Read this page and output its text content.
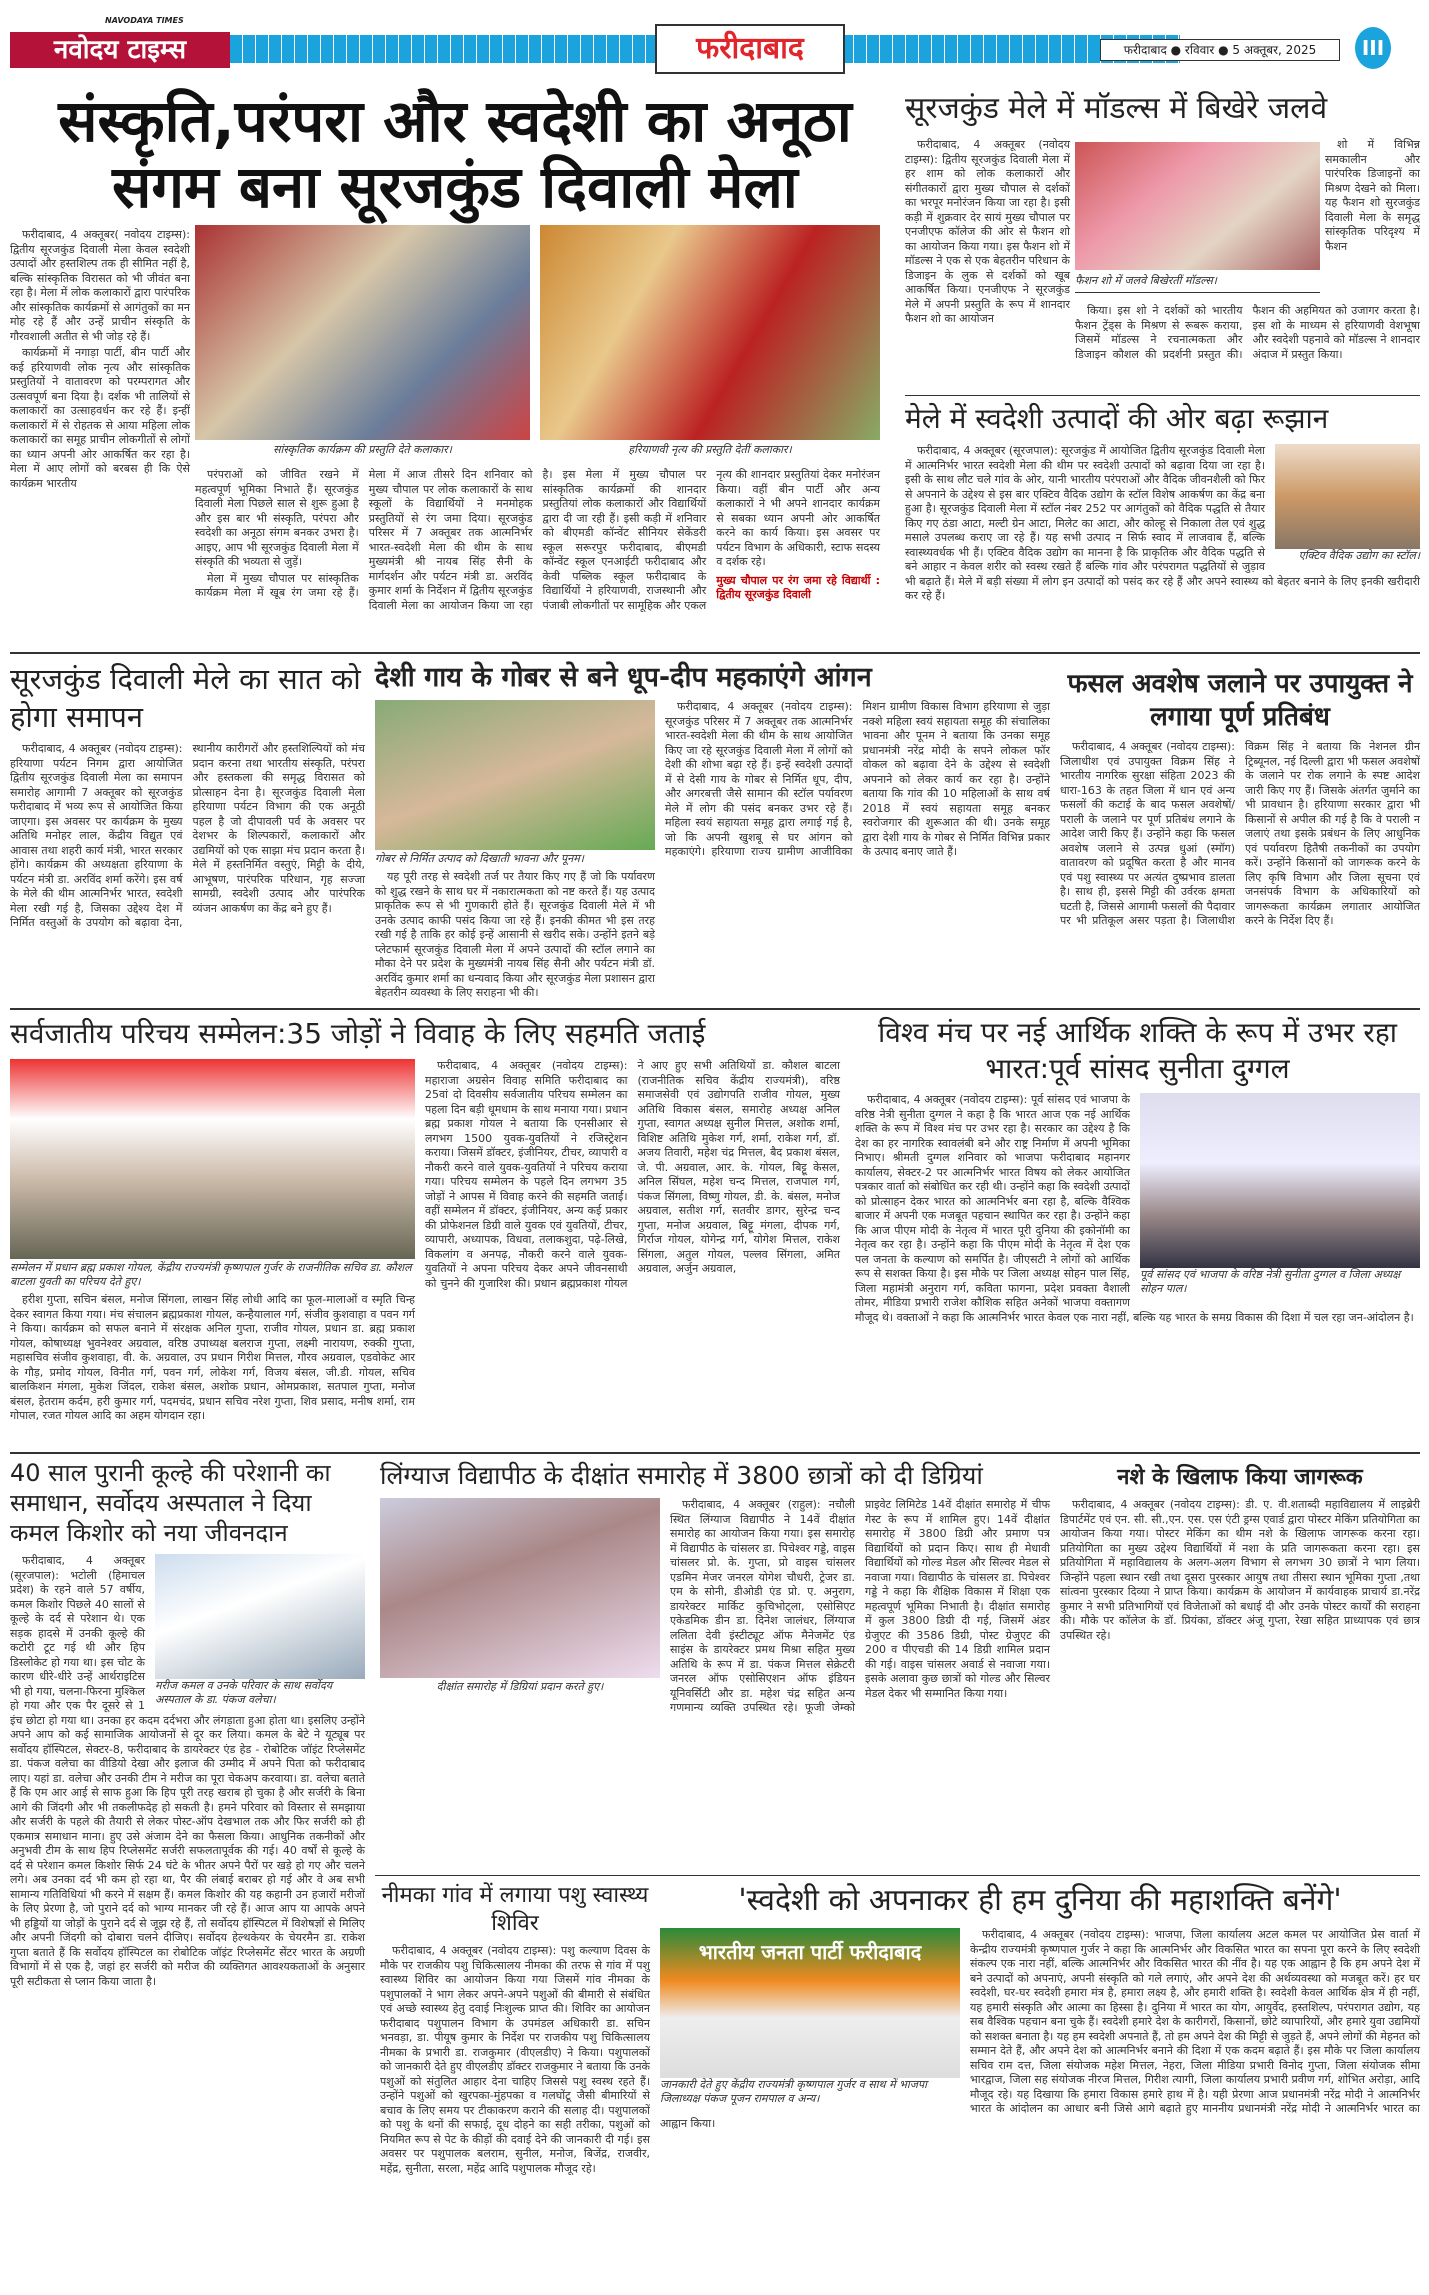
NAVODAYA TIMES
नवोदय टाइम्स	फरीदाबाद	फरीदाबाद ● रविवार ● 5 अक्तूबर, 2025	III
संस्कृति,परंपरा और स्वदेशी का अनूठा संगम बना सूरजकुंड दिवाली मेला

फरीदाबाद, 4 अक्तूबर( नवोदय टाइम्स): द्वितीय सूरजकुंड दिवाली मेला केवल स्वदेशी उत्पादों और हस्तशिल्प तक ही सीमित नहीं है, बल्कि सांस्कृतिक विरासत को भी जीवंत बना रहा है। मेला में लोक कलाकारों द्वारा पारंपरिक और सांस्कृतिक कार्यक्रमों से आगंतुकों का मन मोह रहे हैं और उन्हें प्राचीन संस्कृति के गौरवशाली अतीत से भी जोड़ रहे हैं।

कार्यक्रमों में नगाड़ा पार्टी, बीन पार्टी और कई हरियाणवी लोक नृत्य और सांस्कृतिक प्रस्तुतियों ने वातावरण को परम्परागत और उत्सवपूर्ण बना दिया है। दर्शक भी तालियों से कलाकारों का उत्साहवर्धन कर रहे हैं। इन्हीं कलाकारों में से रोहतक से आया महिला लोक कलाकारों का समूह प्राचीन लोकगीतों से लोगों का ध्यान अपनी ओर आकर्षित कर रहा है। मेला में आए लोगों को बरबस ही कि ऐसे कार्यक्रम भारतीय

सांस्कृतिक कार्यक्रम की प्रस्तुति देते कलाकार।	हरियाणवी नृत्य की प्रस्तुति देतीं कलाकार।

परंपराओं को जीवित रखने में महत्वपूर्ण भूमिका निभाते हैं। सूरजकुंड दिवाली मेला पिछले साल से शुरू हुआ है और इस बार भी संस्कृति, परंपरा और स्वदेशी का अनूठा संगम बनकर उभरा है। आइए, आप भी सूरजकुंड दिवाली मेला में संस्कृति की भव्यता से जुड़ें।

मेला में मुख्य चौपाल पर सांस्कृतिक कार्यक्रम मेला में खूब रंग जमा रहे हैं। मेला में आज तीसरे दिन शनिवार को मुख्य चौपाल पर लोक कलाकारों के साथ स्कूलों के विद्यार्थियों ने मनमोहक प्रस्तुतियों से रंग जमा दिया। सूरजकुंड परिसर में 7 अक्तूबर तक आत्मनिर्भर भारत-स्वदेशी मेला की थीम के साथ मुख्यमंत्री श्री नायब सिंह सैनी के मार्गदर्शन और पर्यटन मंत्री डा. अरविंद कुमार शर्मा के निर्देशन में द्वितीय सूरजकुंड दिवाली मेला का आयोजन किया जा रहा है। इस मेला में मुख्य चौपाल पर सांस्कृतिक कार्यक्रमों की शानदार प्रस्तुतियां लोक कलाकारों और विद्यार्थियों द्वारा दी जा रही हैं। इसी कड़ी में शनिवार को बीएमडी कॉन्वेंट सीनियर सेकेंडरी स्कूल सरूरपुर फरीदाबाद, बीएमडी कॉन्वेंट स्कूल एनआईटी फरीदाबाद और केवी पब्लिक स्कूल फरीदाबाद के विद्यार्थियों ने हरियाणवी, राजस्थानी और पंजाबी लोकगीतों पर सामूहिक और एकल नृत्य की शानदार प्रस्तुतियां देकर मनोरंजन किया। वहीं बीन पार्टी और अन्य कलाकारों ने भी अपने शानदार कार्यक्रम से सबका ध्यान अपनी ओर आकर्षित करने का कार्य किया। इस अवसर पर पर्यटन विभाग के अधिकारी, स्टाफ सदस्य व दर्शक रहे।

मुख्य चौपाल पर रंग जमा रहे विद्यार्थी : द्वितीय सूरजकुंड दिवाली
सूरजकुंड मेले में मॉडल्स में बिखेरे जलवे

फरीदाबाद, 4 अक्तूबर (नवोदय टाइम्स): द्वितीय सूरजकुंड दिवाली मेला में हर शाम को लोक कलाकारों और संगीतकारों द्वारा मुख्य चौपाल से दर्शकों का भरपूर मनोरंजन किया जा रहा है। इसी कड़ी में शुक्रवार देर सायं मुख्य चौपाल पर एनजीएफ कॉलेज की ओर से फैशन शो का आयोजन किया गया। इस फैशन शो में मॉडल्स ने एक से एक बेहतरीन परिधान के डिजाइन के लुक से दर्शकों को खूब आकर्षित किया। एनजीएफ ने सूरजकुंड मेले में अपनी प्रस्तुति के रूप में शानदार फैशन शो का आयोजन

फैशन शो में जलवे बिखेरतीं मॉडल्स।

शो में विभिन्न समकालीन और पारंपरिक डिजाइनों का मिश्रण देखने को मिला। यह फैशन शो सुरजकुंड दिवाली मेला के समृद्ध सांस्कृतिक परिदृश्य में फैशन

किया। इस शो ने दर्शकों को भारतीय फैशन ट्रेंड्स के मिश्रण से रूबरू कराया, जिसमें मॉडल्स ने रचनात्मकता और डिजाइन कौशल की प्रदर्शनी प्रस्तुत की। फैशन की अहमियत को उजागर करता है। इस शो के माध्यम से हरियाणवी वेशभूषा और स्वदेशी पहनावे को मॉडल्स ने शानदार अंदाज में प्रस्तुत किया।

मेले में स्वदेशी उत्पादों की ओर बढ़ा रूझान
एक्टिव वैदिक उद्योग का स्टॉल।

फरीदाबाद, 4 अक्तूबर (सूरजपाल): सूरजकुंड में आयोजित द्वितीय सूरजकुंड दिवाली मेला में आत्मनिर्भर भारत स्वदेशी मेला की थीम पर स्वदेशी उत्पादों को बढ़ावा दिया जा रहा है। इसी के साथ लौट चले गांव के ओर, यानी भारतीय परंपराओं और वैदिक जीवनशैली को फिर से अपनाने के उद्देश्य से इस बार एक्टिव वैदिक उद्योग के स्टॉल विशेष आकर्षण का केंद्र बना हुआ है। सूरजकुंड दिवाली मेला में स्टॉल नंबर 252 पर आगंतुकों को वैदिक पद्धति से तैयार किए गए ठंडा आटा, मल्टी ग्रेन आटा, मिलेट का आटा, और कोल्हू से निकाला तेल एवं शुद्ध मसाले उपलब्ध कराए जा रहे हैं। यह सभी उत्पाद न सिर्फ स्वाद में लाजवाब हैं, बल्कि स्वास्थ्यवर्धक भी हैं। एक्टिव वैदिक उद्योग का मानना है कि प्राकृतिक और वैदिक पद्धति से बने आहार न केवल शरीर को स्वस्थ रखते हैं बल्कि गांव और परंपरागत पद्धतियों से जुड़ाव भी बढ़ाते हैं। मेले में बड़ी संख्या में लोग इन उत्पादों को पसंद कर रहे हैं और अपने स्वास्थ्य को बेहतर बनाने के लिए इनकी खरीदारी कर रहे हैं।

सूरजकुंड दिवाली मेले का सात को होगा समापन

फरीदाबाद, 4 अक्तूबर (नवोदय टाइम्स): हरियाणा पर्यटन निगम द्वारा आयोजित द्वितीय सूरजकुंड दिवाली मेला का समापन समारोह आगामी 7 अक्तूबर को सूरजकुंड फरीदाबाद में भव्य रूप से आयोजित किया जाएगा। इस अवसर पर कार्यक्रम के मुख्य अतिथि मनोहर लाल, केंद्रीय विद्युत एवं आवास तथा शहरी कार्य मंत्री, भारत सरकार होंगे। कार्यक्रम की अध्यक्षता हरियाणा के पर्यटन मंत्री डा. अरविंद शर्मा करेंगे। इस वर्ष के मेले की थीम आत्मनिर्भर भारत, स्वदेशी मेला रखी गई है, जिसका उद्देश्य देश में निर्मित वस्तुओं के उपयोग को बढ़ावा देना, स्थानीय कारीगरों और हस्तशिल्पियों को मंच प्रदान करना तथा भारतीय संस्कृति, परंपरा और हस्तकला की समृद्ध विरासत को प्रोत्साहन देना है। सूरजकुंड दिवाली मेला हरियाणा पर्यटन विभाग की एक अनूठी पहल है जो दीपावली पर्व के अवसर पर देशभर के शिल्पकारों, कलाकारों और उद्यमियों को एक साझा मंच प्रदान करता है। मेले में हस्तनिर्मित वस्तुएं, मिट्टी के दीये, आभूषण, पारंपरिक परिधान, गृह सज्जा सामग्री, स्वदेशी उत्पाद और पारंपरिक व्यंजन आकर्षण का केंद्र बने हुए हैं।

देशी गाय के गोबर से बने धूप-दीप महकाएंगे आंगन
गोबर से निर्मित उत्पाद को दिखाती भावना और पूनम।

यह पूरी तरह से स्वदेशी तर्ज पर तैयार किए गए हैं जो कि पर्यावरण को शुद्ध रखने के साथ घर में नकारात्मकता को नष्ट करते हैं। यह उत्पाद प्राकृतिक रूप से भी गुणकारी होते हैं। सूरजकुंड दिवाली मेले में भी उनके उत्पाद काफी पसंद किया जा रहे हैं। इनकी कीमत भी इस तरह रखी गई है ताकि हर कोई इन्हें आसानी से खरीद सके। उन्होंने इतने बड़े प्लेटफार्म सूरजकुंड दिवाली मेला में अपने उत्पादों की स्टॉल लगाने का मौका देने पर प्रदेश के मुख्यमंत्री नायब सिंह सैनी और पर्यटन मंत्री डॉ. अरविंद कुमार शर्मा का धन्यवाद किया और सूरजकुंड मेला प्रशासन द्वारा बेहतरीन व्यवस्था के लिए सराहना भी की।

फरीदाबाद, 4 अक्तूबर (नवोदय टाइम्स): सूरजकुंड परिसर में 7 अक्तूबर तक आत्मनिर्भर भारत-स्वदेशी मेला की थीम के साथ आयोजित किए जा रहे सूरजकुंड दिवाली मेला में लोगों को देशी की शोभा बढ़ा रहे हैं। इन्हें स्वदेशी उत्पादों में से देसी गाय के गोबर से निर्मित धूप, दीप, और अगरबत्ती जैसे सामान की स्टॉल पर्यावरण मेले में लोग की पसंद बनकर उभर रहे हैं। महिला स्वयं सहायता समूह द्वारा लगाई गई है, जो कि अपनी खुशबू से घर आंगन को महकाएंगे। हरियाणा राज्य ग्रामीण आजीविका मिशन ग्रामीण विकास विभाग हरियाणा से जुड़ा नक्शे महिला स्वयं सहायता समूह की संचालिका भावना और पूनम ने बताया कि उनका समूह प्रधानमंत्री नरेंद्र मोदी के सपने लोकल फॉर वोकल को बढ़ावा देने के उद्देश्य से स्वदेशी अपनाने को लेकर कार्य कर रहा है। उन्होंने बताया कि गांव की 10 महिलाओं के साथ वर्ष 2018 में स्वयं सहायता समूह बनकर स्वरोजगार की शुरूआत की थी। उनके समूह द्वारा देशी गाय के गोबर से निर्मित विभिन्न प्रकार के उत्पाद बनाए जाते हैं।

फसल अवशेष जलाने पर उपायुक्त ने लगाया पूर्ण प्रतिबंध

फरीदाबाद, 4 अक्तूबर (नवोदय टाइम्स): जिलाधीश एवं उपायुक्त विक्रम सिंह ने भारतीय नागरिक सुरक्षा संहिता 2023 की धारा-163 के तहत जिला में धान एवं अन्य फसलों की कटाई के बाद फसल अवशेषों/पराली के जलाने पर पूर्ण प्रतिबंध लगाने के आदेश जारी किए हैं। उन्होंने कहा कि फसल अवशेष जलाने से उत्पन्न धुआं (स्मॉग) वातावरण को प्रदूषित करता है और मानव एवं पशु स्वास्थ्य पर अत्यंत दुष्प्रभाव डालता है। साथ ही, इससे मिट्टी की उर्वरक क्षमता घटती है, जिससे आगामी फसलों की पैदावार पर भी प्रतिकूल असर पड़ता है। जिलाधीश विक्रम सिंह ने बताया कि नेशनल ग्रीन ट्रिब्यूनल, नई दिल्ली द्वारा भी फसल अवशेषों के जलाने पर रोक लगाने के स्पष्ट आदेश जारी किए गए हैं। जिसके अंतर्गत जुर्माने का भी प्रावधान है। हरियाणा सरकार द्वारा भी किसानों से अपील की गई है कि वे पराली न जलाएं तथा इसके प्रबंधन के लिए आधुनिक एवं पर्यावरण हितैषी तकनीकों का उपयोग करें। उन्होंने किसानों को जागरूक करने के लिए कृषि विभाग और जिला सूचना एवं जनसंपर्क विभाग के अधिकारियों को जागरूकता कार्यक्रम लगातार आयोजित करने के निर्देश दिए हैं।

सर्वजातीय परिचय सम्मेलन:35 जोड़ों ने विवाह के लिए सहमति जताई
सम्मेलन में प्रधान ब्रह्म प्रकाश गोयल, केंद्रीय राज्यमंत्री कृष्णपाल गुर्जर के राजनीतिक सचिव डा. कौशल बाटला युवती का परिचय देते हुए।

हरीश गुप्ता, सचिन बंसल, मनोज सिंगला, लाखन सिंह लोधी आदि का फूल-मालाओं व स्मृति चिन्ह देकर स्वागत किया गया। मंच संचालन ब्रह्मप्रकाश गोयल, कन्हैयालाल गर्ग, संजीव कुशवाहा व पवन गर्ग ने किया। कार्यक्रम को सफल बनाने में संरक्षक अनिल गुप्ता, राजीव गोयल, प्रधान डा. ब्रह्म प्रकाश गोयल, कोषाध्यक्ष भुवनेश्वर अग्रवाल, वरिष्ठ उपाध्यक्ष बलराज गुप्ता, लक्ष्मी नारायण, रुक्की गुप्ता, महासचिव संजीव कुशवाहा, वी. के. अग्रवाल, उप प्रधान गिरीश मित्तल, गौरव अग्रवाल, एडवोकेट आर के गौड़, प्रमोद गोयल, विनीत गर्ग, पवन गर्ग, लोकेश गर्ग, विजय बंसल, जी.डी. गोयल, सचिव बालकिशन मंगला, मुकेश जिंदल, राकेश बंसल, अशोक प्रधान, ओमप्रकाश, सतपाल गुप्ता, मनोज बंसल, हेतराम कर्दम, हरी कुमार गर्ग, पदमचंद, प्रधान सचिव नरेश गुप्ता, शिव प्रसाद, मनीष शर्मा, राम गोपाल, रजत गोयल आदि का अहम योगदान रहा।

फरीदाबाद, 4 अक्तूबर (नवोदय टाइम्स): महाराजा अग्रसेन विवाह समिति फरीदाबाद का 25वां दो दिवसीय सर्वजातीय परिचय सम्मेलन का पहला दिन बड़ी धूमधाम के साथ मनाया गया। प्रधान ब्रह्म प्रकाश गोयल ने बताया कि एनसीआर से लगभग 1500 युवक-युवतियों ने रजिस्ट्रेशन कराया। जिसमें डॉक्टर, इंजीनियर, टीचर, व्यापारी व नौकरी करने वाले युवक-युवतियों ने परिचय कराया गया। परिचय सम्मेलन के पहले दिन लगभग 35 जोड़ों ने आपस में विवाह करने की सहमति जताई। वहीं सम्मेलन में डॉक्टर, इंजीनियर, अन्य कई प्रकार की प्रोफेशनल डिग्री वाले युवक एवं युवतियों, टीचर, व्यापारी, अध्यापक, विधवा, तलाकशुदा, पढ़े-लिखे, विकलांग व अनपढ़, नौकरी करने वाले युवक-युवतियों ने अपना परिचय देकर अपने जीवनसाथी को चुनने की गुजारिश की। प्रधान ब्रह्मप्रकाश गोयल ने आए हुए सभी अतिथियों डा. कौशल बाटला (राजनीतिक सचिव केंद्रीय राज्यमंत्री), वरिष्ठ समाजसेवी एवं उद्योगपति राजीव गोयल, मुख्य अतिथि विकास बंसल, समारोह अध्यक्ष अनिल गुप्ता, स्वागत अध्यक्ष सुनील मित्तल, अशोक शर्मा, विशिष्ट अतिथि मुकेश गर्ग, शर्मा, राकेश गर्ग, डॉ. अजय तिवारी, महेश चंद्र मित्तल, बैद प्रकाश बंसल, जे. पी. अग्रवाल, आर. के. गोयल, बिट्टू केसल, अनिल सिंघल, महेश चन्द मित्तल, राजपाल गर्ग, पंकज सिंगला, विष्णु गोयल, डी. के. बंसल, मनोज अग्रवाल, सतीश गर्ग, सतवीर डागर, सुरेन्द्र चन्द गुप्ता, मनोज अग्रवाल, बिट्टू मंगला, दीपक गर्ग, गिर्राज गोयल, योगेन्द्र गर्ग, योगेश मित्तल, राकेश सिंगला, अतुल गोयल, पल्लव सिंगला, अमित अग्रवाल, अर्जुन अग्रवाल,

विश्व मंच पर नई आर्थिक शक्ति के रूप में उभर रहा भारत:पूर्व सांसद सुनीता दुग्गल
पूर्व सांसद एवं भाजपा के वरिष्ठ नेत्री सुनीता दुग्गल व जिला अध्यक्ष सोहन पाल।

फरीदाबाद, 4 अक्तूबर (नवोदय टाइम्स): पूर्व सांसद एवं भाजपा के वरिष्ठ नेत्री सुनीता दुग्गल ने कहा है कि भारत आज एक नई आर्थिक शक्ति के रूप में विश्व मंच पर उभर रहा है। सरकार का उद्देश्य है कि देश का हर नागरिक स्वावलंबी बने और राष्ट्र निर्माण में अपनी भूमिका निभाए। श्रीमती दुग्गल शनिवार को भाजपा फरीदाबाद महानगर कार्यालय, सेक्टर-2 पर आत्मनिर्भर भारत विषय को लेकर आयोजित पत्रकार वार्ता को संबोधित कर रही थी। उन्होंने कहा कि स्वदेशी उत्पादों को प्रोत्साहन देकर भारत को आत्मनिर्भर बना रहा है, बल्कि वैश्विक बाजार में अपनी एक मजबूत पहचान स्थापित कर रहा है। उन्होंने कहा कि आज पीएम मोदी के नेतृत्व में भारत पूरी दुनिया की इकोनॉमी का नेतृत्व कर रहा है। उन्होंने कहा कि पीएम मोदी के नेतृत्व में देश एक पल जनता के कल्याण को समर्पित है। जीएसटी ने लोगों को आर्थिक रूप से सशक्त किया है। इस मौके पर जिला अध्यक्ष सोहन पाल सिंह, जिला महामंत्री अनुराग गर्ग, कविता फागना, प्रदेश प्रवक्ता वैशाली तोमर, मीडिया प्रभारी राजेश कौशिक सहित अनेकों भाजपा वक्तागण मौजूद थे। वक्ताओं ने कहा कि आत्मनिर्भर भारत केवल एक नारा नहीं, बल्कि यह भारत के समग्र विकास की दिशा में चल रहा जन-आंदोलन है।

40 साल पुरानी कूल्हे की परेशानी का समाधान, सर्वोदय अस्पताल ने दिया कमल किशोर को नया जीवनदान
मरीज कमल व उनके परिवार के साथ सर्वोदय अस्पताल के डा. पंकज वलेचा।

फरीदाबाद, 4 अक्तूबर (सूरजपाल): भटोली (हिमाचल प्रदेश) के रहने वाले 57 वर्षीय, कमल किशोर पिछले 40 सालों से कूल्हे के दर्द से परेशान थे। एक सड़क हादसे में उनकी कूल्हे की कटोरी टूट गई थी और हिप डिस्लोकेट हो गया था। इस चोट के कारण धीरे-धीरे उन्हें आर्थराइटिस भी हो गया, चलना-फिरना मुश्किल हो गया और एक पैर दूसरे से 1 इंच छोटा हो गया था। उनका हर कदम दर्दभरा और लंगड़ाता हुआ होता था। इसलिए उन्होंने अपने आप को कई सामाजिक आयोजनों से दूर कर लिया। कमल के बेटे ने यूट्यूब पर सर्वोदय हॉस्पिटल, सेक्टर-8, फरीदाबाद के डायरेक्टर एंड हेड - रोबोटिक जॉइंट रिप्लेसमेंट डा. पंकज वलेचा का वीडियो देखा और इलाज की उम्मीद में अपने पिता को फरीदाबाद लाए। यहां डा. वलेचा और उनकी टीम ने मरीज का पूरा चेकअप करवाया। डा. वलेचा बताते हैं कि एम आर आई से साफ हुआ कि हिप पूरी तरह खराब हो चुका है और सर्जरी के बिना आगे की जिंदगी और भी तकलीफदेह हो सकती है। हमने परिवार को विस्तार से समझाया और सर्जरी के पहले की तैयारी से लेकर पोस्ट-ऑप देखभाल तक और फिर सर्जरी को ही एकमात्र समाधान माना। हुए उसे अंजाम देने का फैसला किया। आधुनिक तकनीकों और अनुभवी टीम के साथ हिप रिप्लेसमेंट सर्जरी सफलतापूर्वक की गई। 40 वर्षों से कूल्हे के दर्द से परेशान कमल किशोर सिर्फ 24 घंटे के भीतर अपने पैरों पर खड़े हो गए और चलने लगे। अब उनका दर्द भी कम हो रहा था, पैर की लंबाई बराबर हो गई और वे अब सभी सामान्य गतिविधियां भी करने में सक्षम हैं। कमल किशोर की यह कहानी उन हजारों मरीजों के लिए प्रेरणा है, जो पुराने दर्द को भाग्य मानकर जी रहे हैं। आज आप या आपके अपने भी हड्डियों या जोड़ों के पुराने दर्द से जूझ रहे हैं, तो सर्वोदय हॉस्पिटल में विशेषज्ञों से मिलिए और अपनी जिंदगी को दोबारा चलने दीजिए। सर्वोदय हेल्थकेयर के चेयरमैन डा. राकेश गुप्ता बताते हैं कि सर्वोदय हॉस्पिटल का रोबोटिक जॉइंट रिप्लेसमेंट सेंटर भारत के अग्रणी विभागों में से एक है, जहां हर सर्जरी को मरीज की व्यक्तिगत आवश्यकताओं के अनुसार पूरी सटीकता से प्लान किया जाता है।

लिंग्याज विद्यापीठ के दीक्षांत समारोह में 3800 छात्रों को दी डिग्रियां
दीक्षांत समारोह में डिग्रियां प्रदान करते हुए।

फरीदाबाद, 4 अक्तूबर (राहुल): नचौली स्थित लिंग्याज विद्यापीठ ने 14वें दीक्षांत समारोह का आयोजन किया गया। इस समारोह में विद्यापीठ के चांसलर डा. पिचेश्वर गड्डे, वाइस चांसलर प्रो. के. गुप्ता, प्रो वाइस चांसलर एडमिन मेजर जनरल योगेश चौधरी, ट्रेजर डा. एम के सोनी, डीओडी एंड प्रो. ए. अनुराग, डायरेक्टर मार्किट कुचिभोट्ला, एसोसिएट एकेडमिक डीन डा. दिनेश जालंधर, लिंग्याज ललिता देवी इंस्टीट्यूट ऑफ मैनेजमेंट एंड साइंस के डायरेक्टर प्रमथ मिश्रा सहित मुख्य अतिथि के रूप में डा. पंकज मित्तल सेक्रेटरी जनरल ऑफ एसोसिएशन ऑफ इंडियन यूनिवर्सिटी और डा. महेश चंद्र सहित अन्य गणमान्य व्यक्ति उपस्थित रहे। फूजी जेम्को प्राइवेट लिमिटेड 14वें दीक्षांत समारोह में चीफ गेस्ट के रूप में शामिल हुए। 14वें दीक्षांत समारोह में 3800 डिग्री और प्रमाण पत्र विद्यार्थियों को प्रदान किए। साथ ही मेधावी विद्यार्थियों को गोल्ड मेडल और सिल्वर मेडल से नवाजा गया। विद्यापीठ के चांसलर डा. पिचेश्वर गड्डे ने कहा कि शैक्षिक विकास में शिक्षा एक महत्वपूर्ण भूमिका निभाती है। दीक्षांत समारोह में कुल 3800 डिग्री दी गई, जिसमें अंडर ग्रेजुएट की 3586 डिग्री, पोस्ट ग्रेजुएट की 200 व पीएचडी की 14 डिग्री शामिल प्रदान की गई। वाइस चांसलर अवार्ड से नवाजा गया। इसके अलावा कुछ छात्रों को गोल्ड और सिल्वर मेडल देकर भी सम्मानित किया गया।

नशे के खिलाफ किया जागरूक

फरीदाबाद, 4 अक्तूबर (नवोदय टाइम्स): डी. ए. वी.शताब्दी महाविद्यालय में लाइब्रेरी डिपार्टमेंट एवं एन. सी. सी.,एन. एस. एस एंटी ड्रग्स एवार्ड द्वारा पोस्टर मेकिंग प्रतियोगिता का आयोजन किया गया। पोस्टर मेकिंग का थीम नशे के खिलाफ जागरूक करना रहा। प्रतियोगिता का मुख्य उद्देश्य विद्यार्थियों में नशा के प्रति जागरूकता करना रहा। इस प्रतियोगिता में महाविद्यालय के अलग-अलग विभाग से लगभग 30 छात्रों ने भाग लिया। जिन्होंने पहला स्थान रखी तथा दूसरा पुरस्कार आयुष तथा तीसरा स्थान भूमिका गुप्ता ,तथा सांत्वना पुरस्कार दिव्या ने प्राप्त किया। कार्यक्रम के आयोजन में कार्यवाहक प्राचार्य डा.नरेंद्र कुमार ने सभी प्रतिभागियों एवं विजेताओं को बधाई दी और उनके पोस्टर कार्यों की सराहना की। मौके पर कॉलेज के डॉ. प्रियंका, डॉक्टर अंजू गुप्ता, रेखा सहित प्राध्यापक एवं छात्र उपस्थित रहे।

नीमका गांव में लगाया पशु स्वास्थ्य शिविर

फरीदाबाद, 4 अक्तूबर (नवोदय टाइम्स): पशु कल्याण दिवस के मौके पर राजकीय पशु चिकित्सालय नीमका की तरफ से गांव में पशु स्वास्थ्य शिविर का आयोजन किया गया जिसमें गांव नीमका के पशुपालकों ने भाग लेकर अपने-अपने पशुओं की बीमारी से संबंधित एवं अच्छे स्वास्थ्य हेतु दवाई निःशुल्क प्राप्त की। शिविर का आयोजन फरीदाबाद पशुपालन विभाग के उपमंडल अधिकारी डा. सचिन भनवड़ा, डा. पीयूष कुमार के निर्देश पर राजकीय पशु चिकित्सालय नीमका के प्रभारी डा. राजकुमार (वीएलडीए) ने किया। पशुपालकों को जानकारी देते हुए वीएलडीए डॉक्टर राजकुमार ने बताया कि उनके पशुओं को संतुलित आहार देना चाहिए जिससे पशु स्वस्थ रहते हैं। उन्होंने पशुओं को खुरपका-मुंहपका व गलघोंटू जैसी बीमारियों से बचाव के लिए समय पर टीकाकरण कराने की सलाह दी। पशुपालकों को पशु के थनों की सफाई, दूध दोहने का सही तरीका, पशुओं को नियमित रूप से पेट के कीड़ों की दवाई देने की जानकारी दी गई। इस अवसर पर पशुपालक बलराम, सुनील, मनोज, बिजेंद्र, राजवीर, महेंद्र, सुनीता, सरला, महेंद्र आदि पशुपालक मौजूद रहे।

'स्वदेशी को अपनाकर ही हम दुनिया की महाशक्ति बनेंगे'
भारतीय जनता पार्टी फरीदाबाद
जानकारी देते हुए केंद्रीय राज्यमंत्री कृष्णपाल गुर्जर व साथ में भाजपा जिलाध्यक्ष पंकज पूजन रामपाल व अन्य।

फरीदाबाद, 4 अक्तूबर (नवोदय टाइम्स): भाजपा, जिला कार्यालय अटल कमल पर आयोजित प्रेस वार्ता में केन्द्रीय राज्यमंत्री कृष्णपाल गुर्जर ने कहा कि आत्मनिर्भर और विकसित भारत का सपना पूरा करने के लिए स्वदेशी संकल्प एक नारा नहीं, बल्कि आत्मनिर्भर और विकसित भारत की नींव है। यह एक आह्वान है कि हम अपने देश में बने उत्पादों को अपनाएं, अपनी संस्कृति को गले लगाएं, और अपने देश की अर्थव्यवस्था को मजबूत करें। हर घर स्वदेशी, घर-घर स्वदेशी हमारा मंत्र है, हमारा लक्ष्य है, और हमारी शक्ति है। स्वदेशी केवल आर्थिक क्षेत्र में ही नहीं, यह हमारी संस्कृति और आत्मा का हिस्सा है। दुनिया में भारत का योग, आयुर्वेद, हस्तशिल्प, परंपरागत उद्योग, यह सब वैश्विक पहचान बना चुके हैं। स्वदेशी हमारे देश के कारीगरों, किसानों, छोटे व्यापारियों, और हमारे युवा उद्यमियों को सशक्त बनाता है। यह हम स्वदेशी अपनाते हैं, तो हम अपने देश की मिट्टी से जुड़ते हैं, अपने लोगों की मेहनत को सम्मान देते हैं, और अपने देश को आत्मनिर्भर बनाने की दिशा में एक कदम बढ़ाते हैं। इस मौके पर जिला कार्यालय सचिव राम दत्त, जिला संयोजक महेश मित्तल, नेहरा, जिला मीडिया प्रभारी विनोद गुप्ता, जिला संयोजक सीमा भारद्वाज, जिला सह संयोजक नीरज मित्तल, गिरीश त्यागी, जिला कार्यालय प्रभारी प्रवीण गर्ग, शोभित अरोड़ा, आदि मौजूद रहे। यह दिखाया कि हमारा विकास हमारे हाथ में है। यही प्रेरणा आज प्रधानमंत्री नरेंद्र मोदी ने आत्मनिर्भर भारत के आंदोलन का आधार बनी जिसे आगे बढ़ाते हुए माननीय प्रधानमंत्री नरेंद्र मोदी ने आत्मनिर्भर भारत का आह्वान किया।
